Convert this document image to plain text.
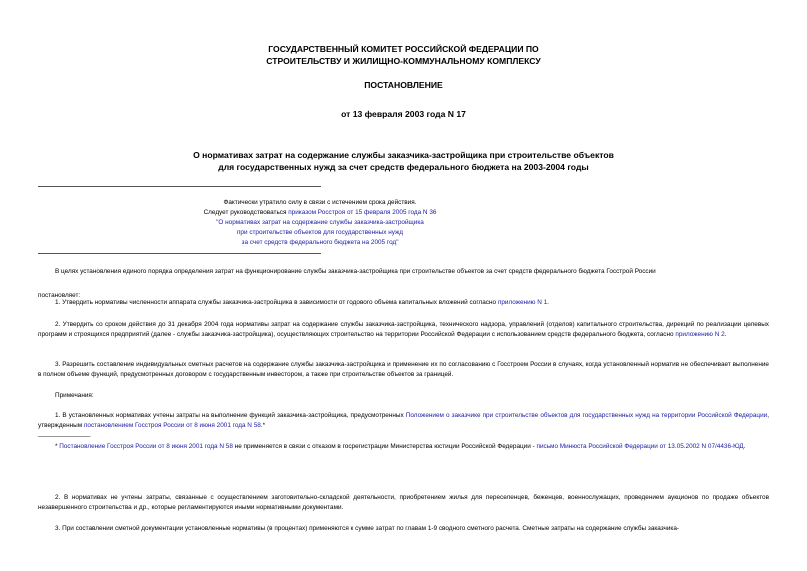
ГОСУДАРСТВЕННЫЙ КОМИТЕТ РОССИЙСКОЙ ФЕДЕРАЦИИ ПО
СТРОИТЕЛЬСТВУ И ЖИЛИЩНО-КОММУНАЛЬНОМУ КОМПЛЕКСУ
ПОСТАНОВЛЕНИЕ
от 13 февраля 2003 года N 17
О нормативах затрат на содержание службы заказчика-застройщика при строительстве объектов
для государственных нужд за счет средств федерального бюджета на 2003-2004 годы
Фактически утратило силу в связи с истечением срока действия.
Следует руководствоваться приказом Росстроя от 15 февраля 2005 года N 36
"О нормативах затрат на содержание службы заказчика-застройщика
при строительстве объектов для государственных нужд
за счет средств федерального бюджета на 2005 год"
В целях установления единого порядка определения затрат на функционирование службы заказчика-застройщика при строительстве объектов за счет средств федерального бюджета Госстрой России
постановляет:
1. Утвердить нормативы численности аппарата службы заказчика-застройщика в зависимости от годового объема капитальных вложений согласно приложению N 1.
2. Утвердить со сроком действия до 31 декабря 2004 года нормативы затрат на содержание службы заказчика-застройщика, технического надзора, управлений (отделов) капитального строительства, дирекций по реализации целевых программ и строящихся предприятий (далее - службы заказчика-застройщика), осуществляющих строительство на территории Российской Федерации с использованием средств федерального бюджета, согласно приложению N 2.
3. Разрешить составление индивидуальных сметных расчетов на содержание службы заказчика-застройщика и применение их по согласованию с Госстроем России в случаях, когда установленный норматив не обеспечивает выполнение в полном объеме функций, предусмотренных договором с государственным инвестором, а также при строительстве объектов за границей.
Примечания:
1. В установленных нормативах учтены затраты на выполнение функций заказчика-застройщика, предусмотренных Положением о заказчике при строительстве объектов для государственных нужд на территории Российской Федерации, утвержденным постановлением Госстроя России от 8 июня 2001 года N 58.*
________________
* Постановление Госстроя России от 8 июня 2001 года N 58 не применяется в связи с отказом в госрегистрации Министерства юстиции Российской Федерации - письмо Минюста Российской Федерации от 13.05.2002 N 07/4436-ЮД.
2. В нормативах не учтены затраты, связанные с осуществлением заготовительно-складской деятельности, приобретением жилья для переселенцев, беженцев, военнослужащих, проведением аукционов по продаже объектов незавершенного строительства и др., которые регламентируются иными нормативными документами.
3. При составлении сметной документации установленные нормативы (в процентах) применяются к сумме затрат по главам 1-9 сводного сметного расчета. Сметные затраты на содержание службы заказчика-
